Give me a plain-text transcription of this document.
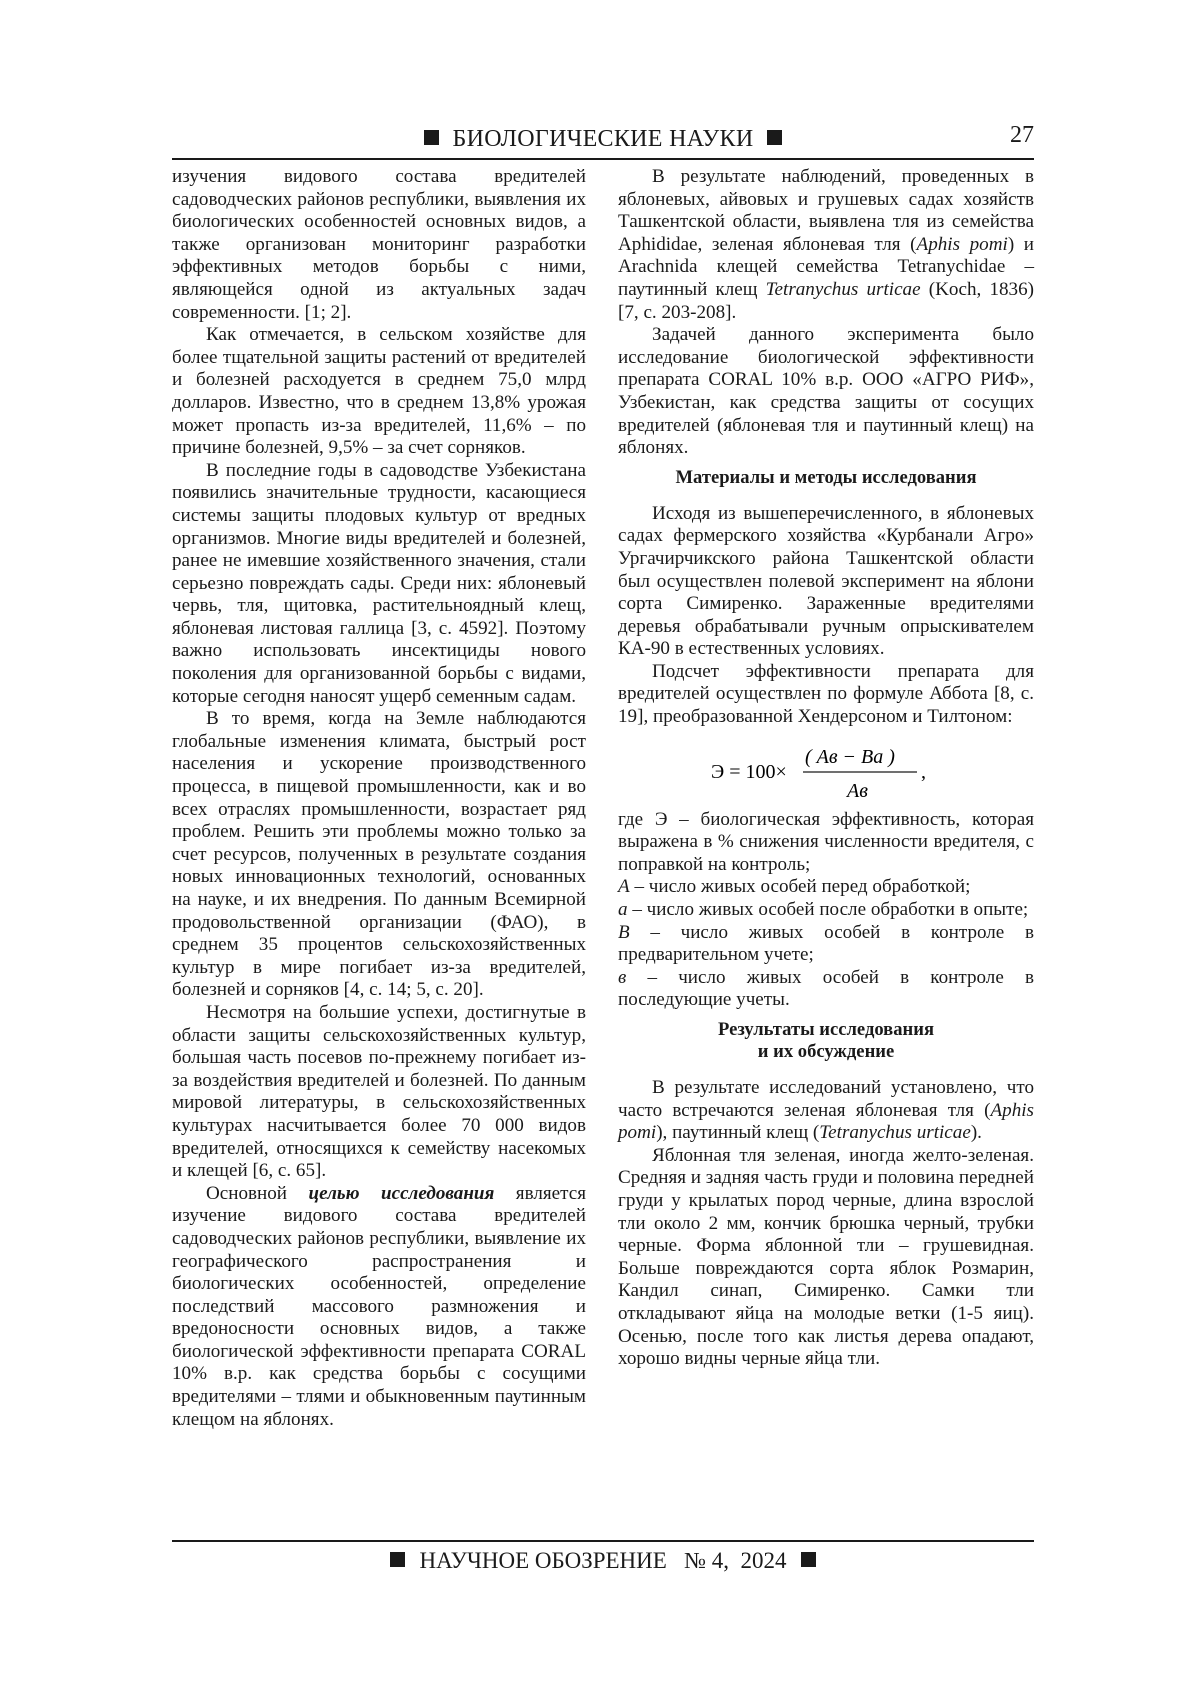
БИОЛОГИЧЕСКИЕ НАУКИ	27

изучения видового состава вредителей садоводческих районов республики, выявления их биологических особенностей основных видов, а также организован мониторинг разработки эффективных методов борьбы с ними, являющейся одной из актуальных задач современности. [1; 2].

Как отмечается, в сельском хозяйстве для более тщательной защиты растений от вредителей и болезней расходуется в среднем 75,0 млрд долларов. Известно, что в среднем 13,8% урожая может пропасть из-за вредителей, 11,6% – по причине болезней, 9,5% – за счет сорняков.

В последние годы в садоводстве Узбекистана появились значительные трудности, касающиеся системы защиты плодовых культур от вредных организмов. Многие виды вредителей и болезней, ранее не имевшие хозяйственного значения, стали серьезно повреждать сады. Среди них: яблоневый червь, тля, щитовка, растительноядный клещ, яблоневая листовая галлица [3, с. 4592]. Поэтому важно использовать инсектициды нового поколения для организованной борьбы с видами, которые сегодня наносят ущерб семенным садам.

В то время, когда на Земле наблюдаются глобальные изменения климата, быстрый рост населения и ускорение производственного процесса, в пищевой промышленности, как и во всех отраслях промышленности, возрастает ряд проблем. Решить эти проблемы можно только за счет ресурсов, полученных в результате создания новых инновационных технологий, основанных на науке, и их внедрения. По данным Всемирной продовольственной организации (ФАО), в среднем 35 процентов сельскохозяйственных культур в мире погибает из-за вредителей, болезней и сорняков [4, с. 14; 5, с. 20].

Несмотря на большие успехи, достигнутые в области защиты сельскохозяйственных культур, большая часть посевов по-прежнему погибает из-за воздействия вредителей и болезней. По данным мировой литературы, в сельскохозяйственных культурах насчитывается более 70 000 видов вредителей, относящихся к семейству насекомых и клещей [6, с. 65].

Основной целью исследования является изучение видового состава вредителей садоводческих районов республики, выявление их географического распространения и биологических особенностей, определение последствий массового размножения и вредоносности основных видов, а также биологической эффективности препарата CORAL 10% в.р. как средства борьбы с сосущими вредителями – тлями и обыкновенным паутинным клещом на яблонях.

В результате наблюдений, проведенных в яблоневых, айвовых и грушевых садах хозяйств Ташкентской области, выявлена тля из семейства Aphididae, зеленая яблоневая тля (Aphis pomi) и Arachnida клещей семейства Tetranychidae – паутинный клещ Tetranychus urticae (Koch, 1836) [7, с. 203-208].

Задачей данного эксперимента было исследование биологической эффективности препарата CORAL 10% в.р. ООО «АГРО РИФ», Узбекистан, как средства защиты от сосущих вредителей (яблоневая тля и паутинный клещ) на яблонях.

Материалы и методы исследования

Исходя из вышеперечисленного, в яблоневых садах фермерского хозяйства «Курбанали Агро» Ургачирчикского района Ташкентской области был осуществлен полевой эксперимент на яблони сорта Симиренко. Зараженные вредителями деревья обрабатывали ручным опрыскивателем КА-90 в естественных условиях.

Подсчет эффективности препарата для вредителей осуществлен по формуле Аббота [8, с. 19], преобразованной Хендерсоном и Тилтоном:

Э = 100×
( Ав − Ва )
Ав
,

где Э – биологическая эффективность, которая выражена в % снижения численности вредителя, с поправкой на контроль;

А – число живых особей перед обработкой;

а – число живых особей после обработки в опыте;

В – число живых особей в контроле в предварительном учете;

в – число живых особей в контроле в последующие учеты.

Результаты исследования
и их обсуждение

В результате исследований установлено, что часто встречаются зеленая яблоневая тля (Aphis pomi), паутинный клещ (Tetranychus urticae).

Яблонная тля зеленая, иногда желто-зеленая. Средняя и задняя часть груди и половина передней груди у крылатых пород черные, длина взрослой тли около 2 мм, кончик брюшка черный, трубки черные. Форма яблонной тли – грушевидная. Больше повреждаются сорта яблок Розмарин, Кандил синап, Симиренко. Самки тли откладывают яйца на молодые ветки (1-5 яиц). Осенью, после того как листья дерева опадают, хорошо видны черные яйца тли.

НАУЧНОЕ ОБОЗРЕНИЕ № 4, 2024
